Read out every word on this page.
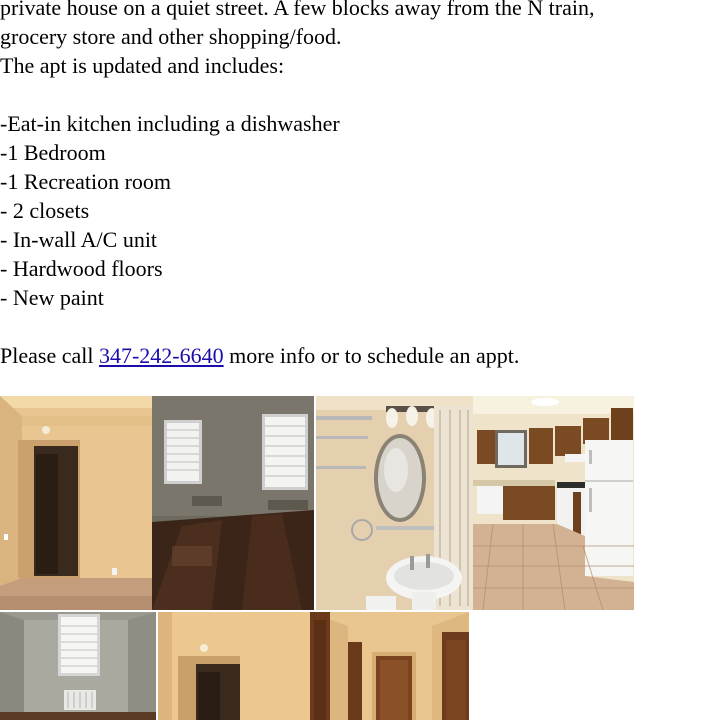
private house on a quiet street. A few blocks away from the N train,
grocery store and other shopping/food.
The apt is updated and includes:
-Eat-in kitchen including a dishwasher
-1 Bedroom
-1 Recreation room
- 2 closets
- In-wall A/C unit
- Hardwood floors
- New paint
Please call 347-242-6640 more info or to schedule an appt.
